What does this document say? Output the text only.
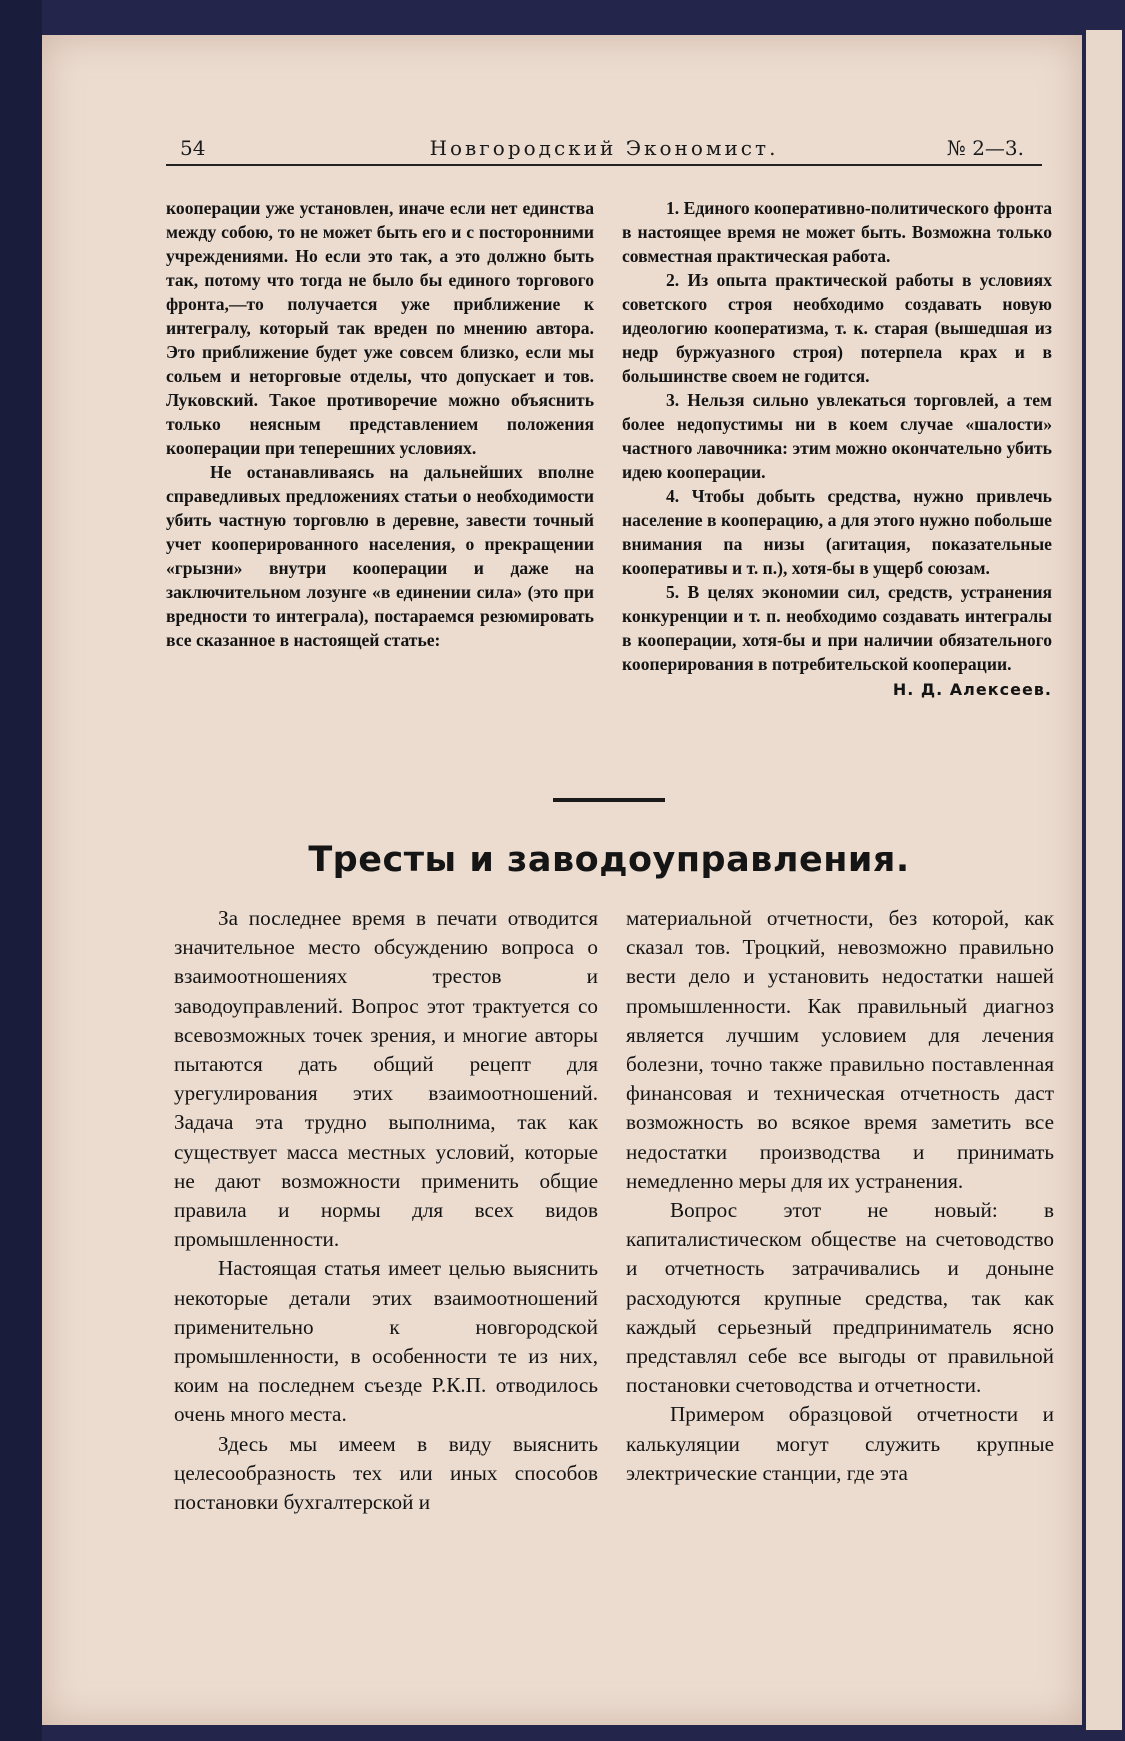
54	Новгородский Экономист.	№ 2—3.

кооперации уже установлен, иначе если нет единства между собою, то не может быть его и с посторонними учреждениями. Но если это так, а это должно быть так, потому что тогда не было бы единого торгового фронта,—то получается уже приближение к интегралу, который так вреден по мнению автора. Это приближение будет уже совсем близко, если мы сольем и неторговые отделы, что допускает и тов. Луковский. Такое противоречие можно объяснить только неясным представлением положения кооперации при теперешних условиях.

Не останавливаясь на дальнейших вполне справедливых предложениях статьи о необходимости убить частную торговлю в деревне, завести точный учет кооперированного населения, о прекращении «грызни» внутри кооперации и даже на заключительном лозунге «в единении сила» (это при вредности то интеграла), постараемся резюмировать все сказанное в настоящей статье:

1. Единого кооперативно-политического фронта в настоящее время не может быть. Возможна только совместная практическая работа.

2. Из опыта практической работы в условиях советского строя необходимо создавать новую идеологию кооператизма, т. к. старая (вышедшая из недр буржуазного строя) потерпела крах и в большинстве своем не годится.

3. Нельзя сильно увлекаться торговлей, а тем более недопустимы ни в коем случае «шалости» частного лавочника: этим можно окончательно убить идею кооперации.

4. Чтобы добыть средства, нужно привлечь население в кооперацию, а для этого нужно побольше внимания па низы (агитация, показательные кооперативы и т. п.), хотя-бы в ущерб союзам.

5. В целях экономии сил, средств, устранения конкуренции и т. п. необходимо создавать интегралы в кооперации, хотя-бы и при наличии обязательного кооперирования в потребительской кооперации.

Н. Д. Алексеев.
Тресты и заводоуправления.

За последнее время в печати отводится значительное место обсуждению вопроса о взаимоотношениях трестов и заводоуправлений. Вопрос этот трактуется со всевозможных точек зрения, и многие авторы пытаются дать общий рецепт для урегулирования этих взаимоотношений. Задача эта трудно выполнима, так как существует масса местных условий, которые не дают возможности применить общие правила и нормы для всех видов промышленности.

Настоящая статья имеет целью выяснить некоторые детали этих взаимоотношений применительно к новгородской промышленности, в особенности те из них, коим на последнем съезде Р.К.П. отводилось очень много места.

Здесь мы имеем в виду выяснить целесообразность тех или иных способов постановки бухгалтерской и

материальной отчетности, без которой, как сказал тов. Троцкий, невозможно правильно вести дело и установить недостатки нашей промышленности. Как правильный диагноз является лучшим условием для лечения болезни, точно также правильно поставленная финансовая и техническая отчетность даст возможность во всякое время заметить все недостатки производства и принимать немедленно меры для их устранения.

Вопрос этот не новый: в капиталистическом обществе на счетоводство и отчетность затрачивались и доныне расходуются крупные средства, так как каждый серьезный предприниматель ясно представлял себе все выгоды от правильной постановки счетоводства и отчетности.

Примером образцовой отчетности и калькуляции могут служить крупные электрические станции, где эта
